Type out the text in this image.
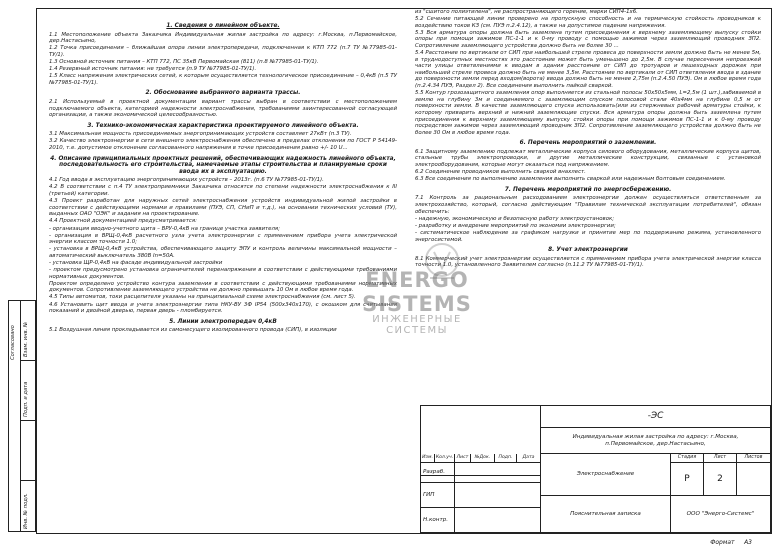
Взам. инв. №
Подп. и дата
Инв. № подл.
Согласовано
1. Сведения о линейном объекте.

1.1 Местоположение объекта Заказчика Индивидуальная жилая застройка по адресу: г.Москва, п.Первомайское, дер.Настасьино,

1.2 Точка присоединения – ближайшая опора линии электропередачи, подключенная к КТП 772 (п.7 ТУ №77985-01-ТУ/1).

1.3 Основной источник питания – КТП 772, ПС 35кВ Первомайская (811) (п.8 №77985-01-ТУ/1).

1.4 Резервный источник питания: не требуется (п.9 ТУ №77985-01-ТУ/1).

1.5 Класс напряжения электрических сетей, к которым осуществляется технологическое присоединение – 0,4кВ (п.5 ТУ №77985-01-ТУ/1).

2. Обоснование выбранного варианта трассы.

2.1 Используемый в проектной документации вариант трассы выбран в соответствии с местоположением подключаемого объекта, категорией надежности электроснабжения, требованиями заинтересованной согласующей организации, а также экономической целесообразностью.

3. Технико-экономическая характеристика проектируемого линейного объекта.

3.1 Максимальная мощность присоединяемых энергопринимающих устройств составляет 27кВт (п.3 ТУ).

3.2 Качество электроэнергии в сети внешнего электроснабжения обеспечено в пределах отклонения по ГОСТ Р 54149-2010, т.е. допустимое отклонение согласованного напряжения в точке присоединения равно +/- 10 U...

4. Описание принципиальных проектных решений, обеспечивающих надежность линейного объекта, последовательность его строительства, намечаемые этапы строительства и планируемые сроки ввода их в эксплуатацию.

4.1 Год ввода в эксплуатацию энергопринимающих устройств – 2013г. (п.6 ТУ №77985-01-ТУ/1).

4.2 В соответствии с п.4 ТУ электроприемники Заказчика относятся по степени надежности электроснабжения к III (третьей) категории.

4.3 Проект разработан для наружных сетей электроснабжения устройств индивидуальной жилой застройки в соответствии с действующими нормами и правилами (ПУЭ, СП, СНиП и т.д.), на основании технических условий (ТУ), выданных ОАО "ОЭК" и задания на проектирование.

4.4 Проектной документацией предусматривается:

- организация вводно-учетного щита – ВРУ-0,4кВ на границе участка заявителя;

- организация в ВРЩ-0,4кВ расчетного узла учета электроэнергии с применением прибора учета электрической энергии классом точности 1.0;

- установка в ВРЩ-0,4кВ устройства, обеспечивающего защиту ЭПУ и контроль величины максимальной мощности – автоматический выключатель 380В In=50А.

- установка ЩР-0,4кВ на фасаде индивидуальной застройки

- проектом предусмотрено установка ограничителей перенапряжения в соответствии с действующими требованиями нормативных документов.

Проектом определено устройство контура заземления в соответствии с действующими требованиями нормативных документов. Сопротивление заземляющего устройства не должно превышать 10 Ом в любое время года.

4.5 Типы автоматов, токи расцепителя указаны на принципиальной схеме электроснабжения (см. лист 5).

4.6 Установить щит ввода и учета электроэнергии типа НКУ-ВУ 3Ф IP54 (500х340х170), с окошком для считывания показаний и двойной дверью, первая дверь - пломбируется.

5. Линии электропередач 0,4кВ

5.1 Воздушная линия прокладывается из самонесущего изолированного провода (СИП), в изоляции

из "сшитого полиэтилена", не распространяющего горение, марки СИП4-1х6.

5.2 Сечение питающей линии проверено на пропускную способность и на термическую стойкость проводников к воздействию токов КЗ (см. ПУЭ п.2.4.12), а также на допустимое падение напряжения.

5.3 Вся арматура опоры должна быть заземлена путем присоединения к верхнему заземляющему выпуску стойки опоры при помощи зажимов ПС-1-1 и к 0-му проводу с помощью зажимов через заземляющий проводник ЗП2. Сопротивление заземляющего устройства должно быть не более 30 ...

5.4 Расстояние по вертикали от СИП при наибольшей стреле провеса до поверхности земли должно быть не менее 5м, в труднодоступных местностях это расстояние может быть уменьшено до 2,5м. В случае пересечения непроезжей части улицы ответвлениями к вводам в здания расстояние от СИП до тротуаров и пешеходных дорожек при наибольшей стреле провеса должно быть не менее 3,5м. Расстояние по вертикали от СИП ответвления ввода в здание до поверхности земли перед входом(ворота) ввода должно быть не менее 2,75м (п.2.4.50 ПУЭ). Ом в любое время года (п.2.4.34 ПУЭ, Раздел 2). Все соединения выполнить пайкой сваркой.

5.5 Контур грозозащитного заземления опор выполняется из стальной полосы 50х50х5мм, L=2,5м (1 шт.),забиваемой в землю на глубину 3м и соединяемого с заземляющим спуском полосовой стали 40х4мм на глубине 0,5 м от поверхности земли. В качестве заземляющего спуска использовать(или из стержневых рабочей арматуры стойки, к которому приварить верхний и нижний заземляющие спуски. Вся арматура опоры должна быть заземлена путем присоединения к верхнему заземляющему выпуску стойки опоры при помощи зажимов ПС-1-1 и к 0-му проводу посредством зажимов через заземляющий проводник ЗП2. Сопротивление заземляющего устройства должно быть не более 30 Ом в любое время года.

6. Перечень мероприятий о заземлении.

6.1 Защитному заземлению подлежат металлические корпуса силового оборудования, металлические корпуса щитов, стальные трубы электропроводки, и другие металлические конструкции, связанные с установкой электрооборудования, которые могут оказаться под напряжением.

6.2 Соединение проводников выполнить сваркой внахлест.

6.3 Все соединения по выполнению заземления выполнить сваркой или надежным болтовым соединением.

7. Перечень мероприятий по энергосбережению.

7.1 Контроль за рациональным расходованием электроэнергии должен осуществляться ответственным за электрохозяйство, который, согласно действующим "Правилам технической эксплуатации потребителей", обязан обеспечить:

- надежную, экономическую и безопасную работу электроустановок;

- разработку и внедрение мероприятий по экономии электроэнергии;

- систематическое наблюдение за графиком нагрузки и принятие мер по поддержанию режима, установленного энергосистемой.

8. Учет электроэнергии

8.1 Коммерческий учет электроэнергии осуществляется с применением прибора учета электрической энергии класса точности 1.0, установленного Заявителем согласно (п.11.2 ТУ №77985-01-ТУ/1).

-ЭС
Индивидуальная жилая застройка по адресу: г.Москва, п.Первомайское, дер.Настасьино,
Изм. Кол.уч. Лист	№Док.	Подп.	Дата
Разраб.
ГИП
Н.контр.
Электроснабжение
Стадия	Лист	Листов
Р	2
Пояснительная записка	ООО "Энерго-Системс"
ENERGO SISTEMS
ИНЖЕНЕРНЫЕ СИСТЕМЫ
Формат А3
